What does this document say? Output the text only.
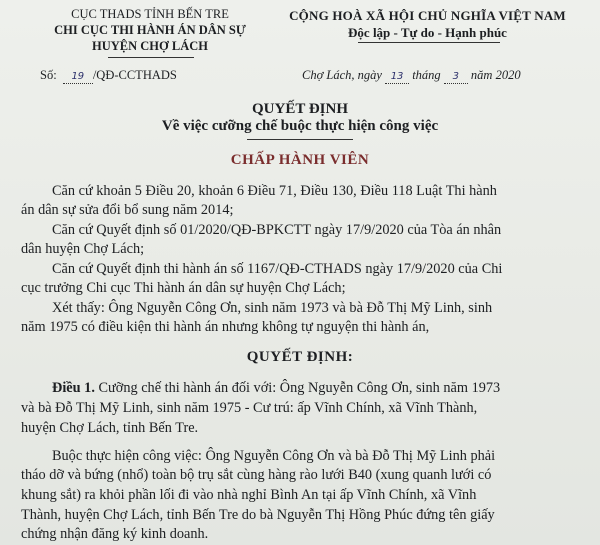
CỤC THADS TỈNH BẾN TRE
CHI CỤC THI HÀNH ÁN DÂN SỰ
HUYỆN CHỢ LÁCH
Số: 19 /QĐ-CCTHADS
CỘNG HOÀ XÃ HỘI CHỦ NGHĨA VIỆT NAM
Độc lập - Tự do - Hạnh phúc
Chợ Lách, ngày 13 tháng 3 năm 2020
QUYẾT ĐỊNH
Về việc cưỡng chế buộc thực hiện công việc
CHẤP HÀNH VIÊN
Căn cứ khoản 5 Điều 20, khoản 6 Điều 71, Điều 130, Điều 118 Luật Thi hành
án dân sự sửa đổi bổ sung năm 2014;
Căn cứ Quyết định số 01/2020/QĐ-BPKCTT ngày 17/9/2020 của Tòa án nhân
dân huyện Chợ Lách;
Căn cứ Quyết định thi hành án số 1167/QĐ-CTHADS ngày 17/9/2020 của Chi
cục trưởng Chi cục Thi hành án dân sự huyện Chợ Lách;
Xét thấy: Ông Nguyễn Công Ơn, sinh năm 1973 và bà Đỗ Thị Mỹ Linh, sinh
năm 1975 có điều kiện thi hành án nhưng không tự nguyện thi hành án,
QUYẾT ĐỊNH:
Điều 1. Cưỡng chế thi hành án đối với: Ông Nguyễn Công Ơn, sinh năm 1973
và bà Đỗ Thị Mỹ Linh, sinh năm 1975 - Cư trú: ấp Vĩnh Chính, xã Vĩnh Thành,
huyện Chợ Lách, tỉnh Bến Tre.
Buộc thực hiện công việc: Ông Nguyễn Công Ơn và bà Đỗ Thị Mỹ Linh phải
tháo dỡ và bứng (nhổ) toàn bộ trụ sắt cùng hàng rào lưới B40 (xung quanh lưới có
khung sắt) ra khỏi phần lối đi vào nhà nghỉ Bình An tại ấp Vĩnh Chính, xã Vĩnh
Thành, huyện Chợ Lách, tỉnh Bến Tre do bà Nguyễn Thị Hồng Phúc đứng tên giấy
chứng nhận đăng ký kinh doanh.
